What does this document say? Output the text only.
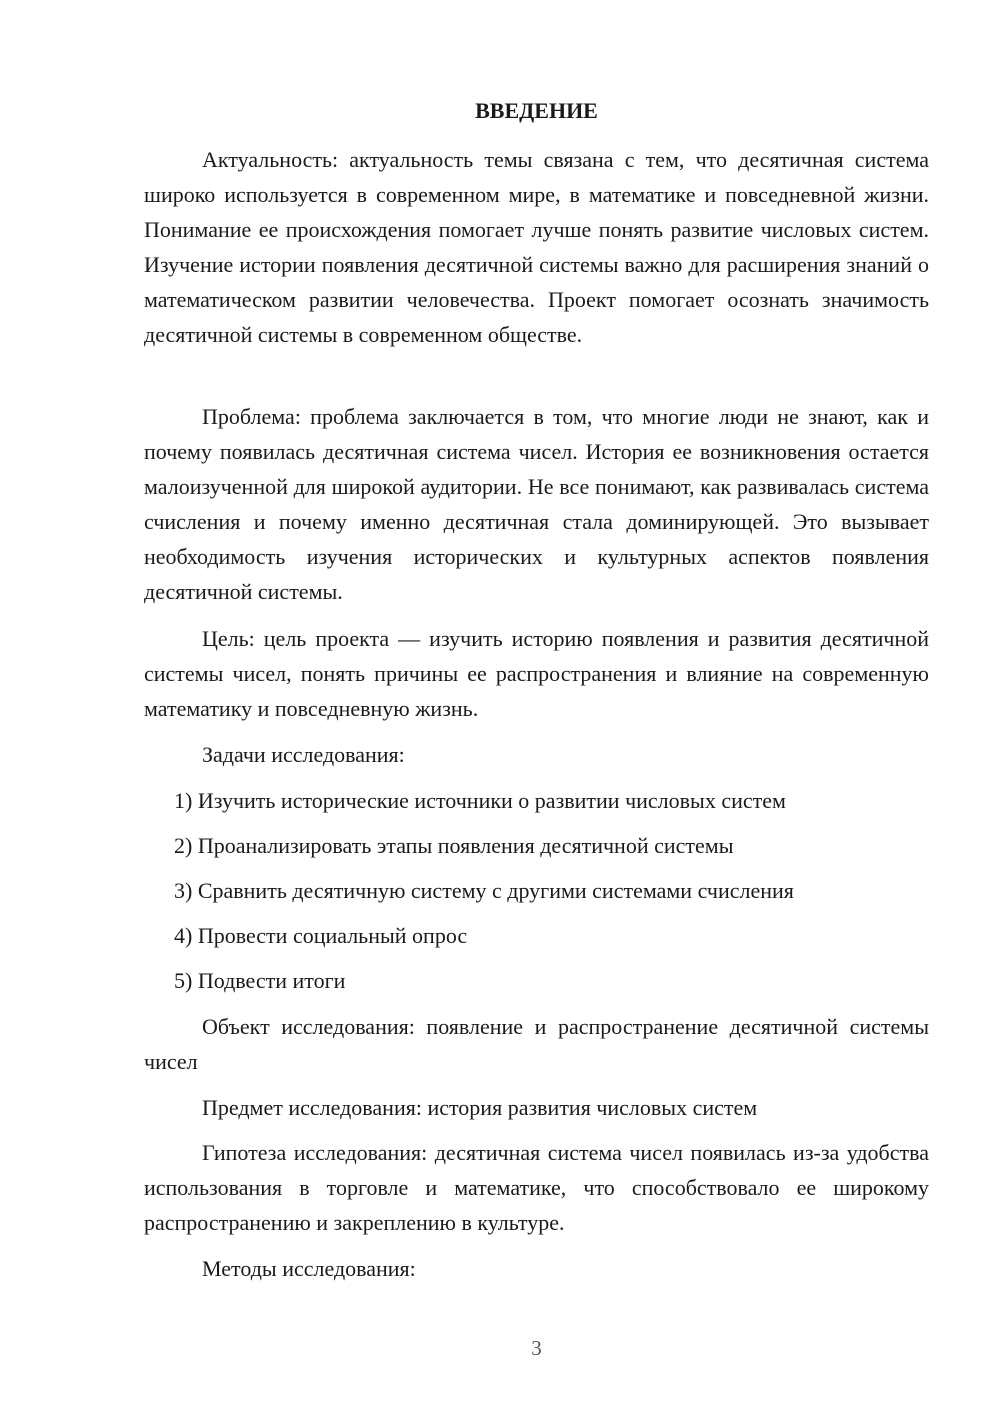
ВВЕДЕНИЕ

Актуальность: актуальность темы связана с тем, что десятичная система широко используется в современном мире, в математике и повседневной жизни. Понимание ее происхождения помогает лучше понять развитие числовых систем. Изучение истории появления десятичной системы важно для расширения знаний о математическом развитии человечества. Проект помогает осознать значимость десятичной системы в современном обществе.

Проблема: проблема заключается в том, что многие люди не знают, как и почему появилась десятичная система чисел. История ее возникновения остается малоизученной для широкой аудитории. Не все понимают, как развивалась система счисления и почему именно десятичная стала доминирующей. Это вызывает необходимость изучения исторических и культурных аспектов появления десятичной системы.

Цель: цель проекта — изучить историю появления и развития десятичной системы чисел, понять причины ее распространения и влияние на современную математику и повседневную жизнь.

Задачи исследования:

1) Изучить исторические источники о развитии числовых систем

2) Проанализировать этапы появления десятичной системы

3) Сравнить десятичную систему с другими системами счисления

4) Провести социальный опрос

5) Подвести итоги

Объект исследования: появление и распространение десятичной системы чисел

Предмет исследования: история развития числовых систем

Гипотеза исследования: десятичная система чисел появилась из-за удобства использования в торговле и математике, что способствовало ее широкому распространению и закреплению в культуре.

Методы исследования:

3
